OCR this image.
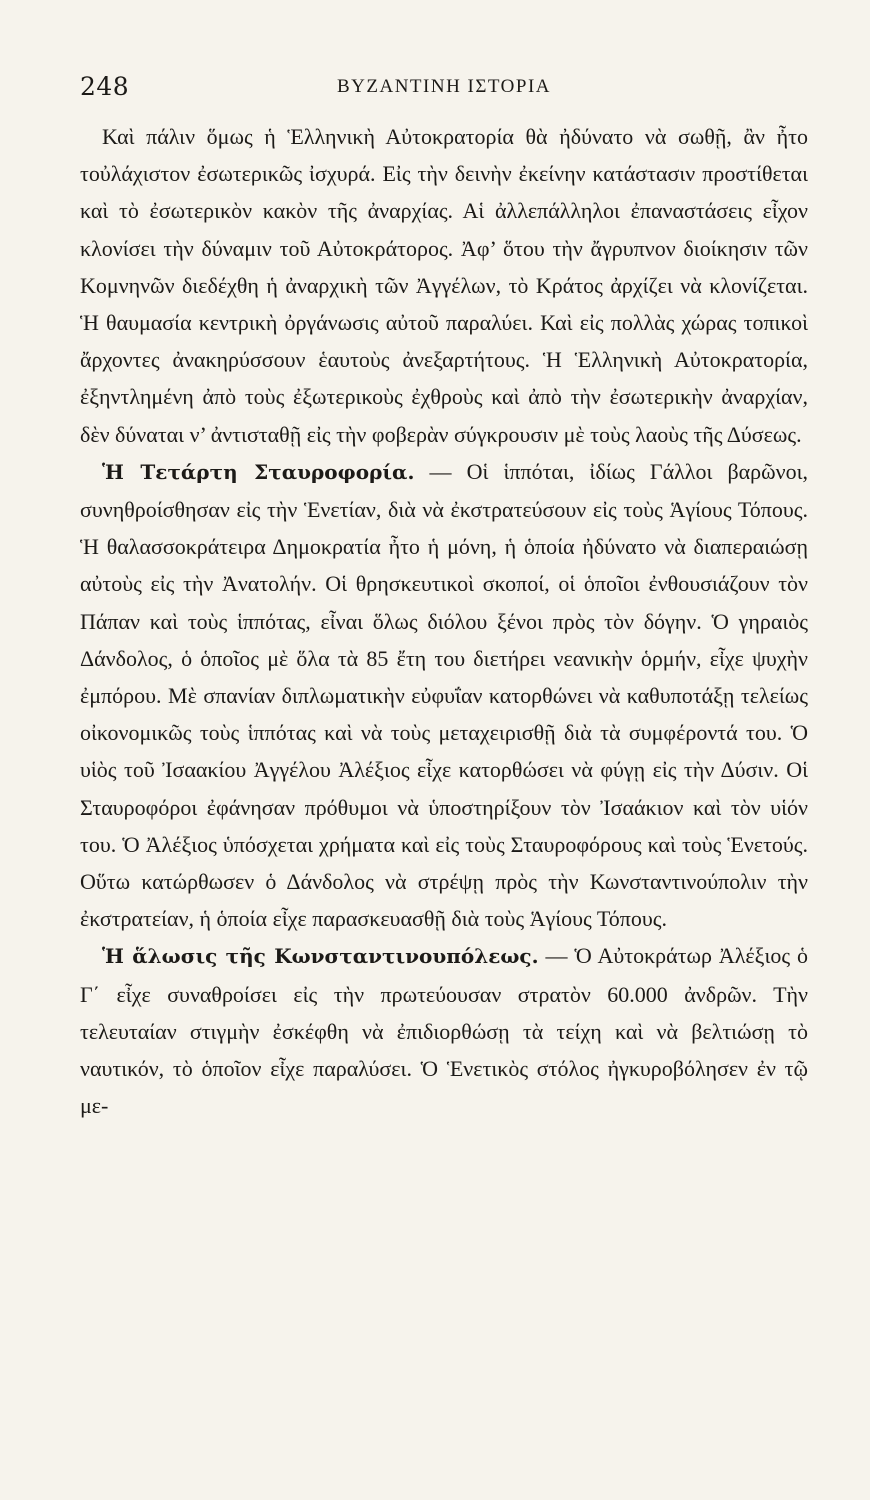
248	ΒΥΖΑΝΤΙΝΗ ΙΣΤΟΡΙΑ

 Καὶ πάλιν ὅμως ἡ Ἑλληνικὴ Αὐτοκρατορία θὰ ἠδύνατο νὰ σωθῇ, ἂν ἦτο τοὐλάχιστον ἐσωτερικῶς ἰσχυρά. Εἰς τὴν δεινὴν ἐκείνην κατάστασιν προστίθεται καὶ τὸ ἐσωτερικὸν κακὸν τῆς ἀναρχίας. Αἱ ἀλλεπάλληλοι ἐπαναστάσεις εἶχον κλονίσει τὴν δύναμιν τοῦ Αὐτοκράτορος. Ἀφ’ ὅτου τὴν ἄγρυπνον διοίκησιν τῶν Κομνηνῶν διεδέχθη ἡ ἀναρχικὴ τῶν Ἀγγέλων, τὸ Κράτος ἀρχίζει νὰ κλονίζεται. Ἡ θαυμασία κεντρικὴ ὀργάνωσις αὐτοῦ παραλύει. Καὶ εἰς πολλὰς χώρας τοπικοὶ ἄρχοντες ἀνακηρύσσουν ἑαυτοὺς ἀνεξαρτήτους. Ἡ Ἑλληνικὴ Αὐτοκρατορία, ἐξηντλημένη ἀπὸ τοὺς ἐξωτερικοὺς ἐχθροὺς καὶ ἀπὸ τὴν ἐσωτερικὴν ἀναρχίαν, δὲν δύναται ν’ ἀντισταθῇ εἰς τὴν φοβερὰν σύγκρουσιν μὲ τοὺς λαοὺς τῆς Δύσεως.

 Ἡ Τετάρτη Σταυροφορία. — Οἱ ἱππόται, ἰδίως Γάλλοι βαρῶνοι, συνηθροίσθησαν εἰς τὴν Ἑνετίαν, διὰ νὰ ἐκστρατεύσουν εἰς τοὺς Ἁγίους Τόπους. Ἡ θαλασσοκράτειρα Δημοκρατία ἦτο ἡ μόνη, ἡ ὁποία ἠδύνατο νὰ διαπεραιώσῃ αὐτοὺς εἰς τὴν Ἀνατολήν. Οἱ θρησκευτικοὶ σκοποί, οἱ ὁποῖοι ἐνθουσιάζουν τὸν Πάπαν καὶ τοὺς ἱππότας, εἶναι ὅλως διόλου ξένοι πρὸς τὸν δόγην. Ὁ γηραιὸς Δάνδολος, ὁ ὁποῖος μὲ ὅλα τὰ 85 ἔτη του διετήρει νεανικὴν ὁρμήν, εἶχε ψυχὴν ἐμπόρου. Μὲ σπανίαν διπλωματικὴν εὐφυΐαν κατορθώνει νὰ καθυποτάξῃ τελείως οἰκονομικῶς τοὺς ἱππότας καὶ νὰ τοὺς μεταχειρισθῇ διὰ τὰ συμφέροντά του. Ὁ υἱὸς τοῦ Ἰσαακίου Ἀγγέλου Ἀλέξιος εἶχε κατορθώσει νὰ φύγῃ εἰς τὴν Δύσιν. Οἱ Σταυροφόροι ἐφάνησαν πρόθυμοι νὰ ὑποστηρίξουν τὸν Ἰσαάκιον καὶ τὸν υἱόν του. Ὁ Ἀλέξιος ὑπόσχεται χρήματα καὶ εἰς τοὺς Σταυροφόρους καὶ τοὺς Ἑνετούς. Οὕτω κατώρθωσεν ὁ Δάνδολος νὰ στρέψῃ πρὸς τὴν Κωνσταντινούπολιν τὴν ἐκστρατείαν, ἡ ὁποία εἶχε παρασκευασθῇ διὰ τοὺς Ἁγίους Τόπους.

 Ἡ ἅλωσις τῆς Κωνσταντινουπόλεως. — Ὁ Αὐτοκράτωρ Ἀλέξιος ὁ Γ΄ εἶχε συναθροίσει εἰς τὴν πρωτεύουσαν στρατὸν 60.000 ἀνδρῶν. Τὴν τελευταίαν στιγμὴν ἐσκέφθη νὰ ἐπιδιορθώσῃ τὰ τείχη καὶ νὰ βελτιώσῃ τὸ ναυτικόν, τὸ ὁποῖον εἶχε παραλύσει. Ὁ Ἑνετικὸς στόλος ἠγκυροβόλησεν ἐν τῷ με-
